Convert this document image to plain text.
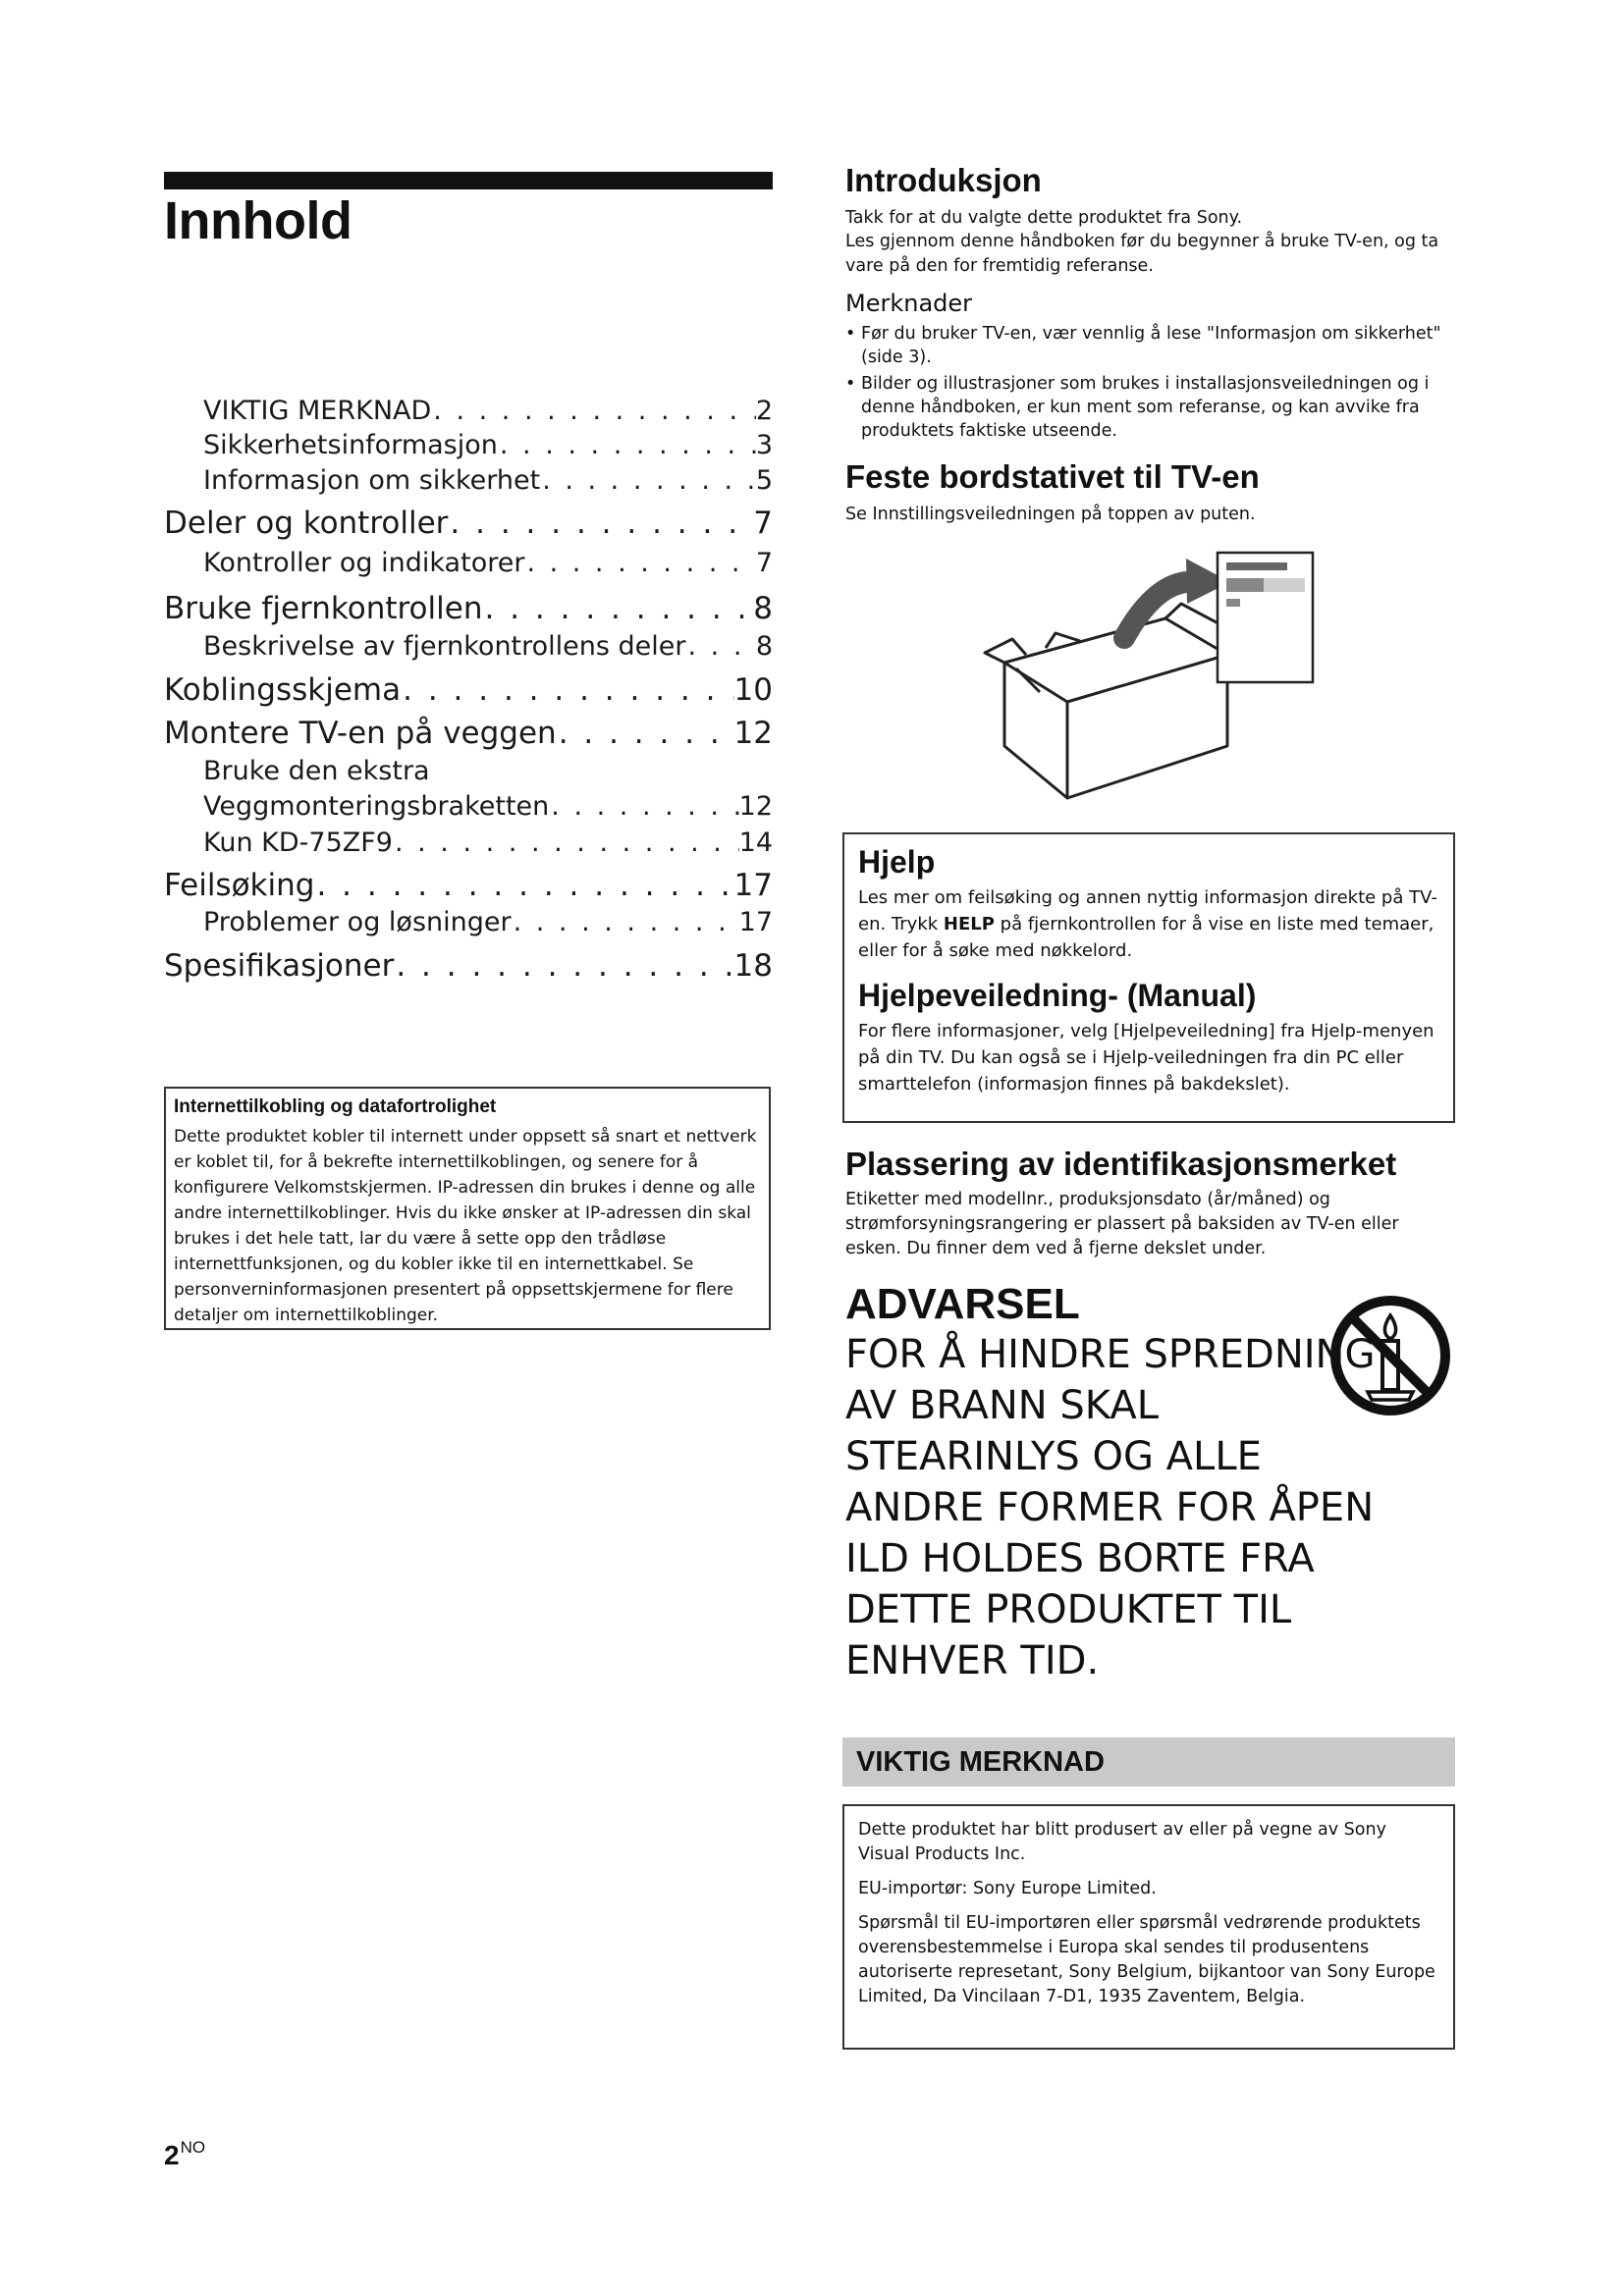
Innhold
VIKTIG MERKNAD . . .	2
Sikkerhetsinformasjon . . .	3
Informasjon om sikkerhet . . .	5
Deler og kontroller . . .	7
Kontroller og indikatorer . . .	7
Bruke fjernkontrollen . . .	8
Beskrivelse av fjernkontrollens deler . . .	8
Koblingsskjema . . .	10
Montere TV-en på veggen . . .	12
Bruke den ekstra
Veggmonteringsbraketten . . .	12
Kun KD-75ZF9 . . .	14
Feilsøking . . .	17
Problemer og løsninger . . .	17
Spesifikasjoner . . .	18
Internettilkobling og datafortrolighet

Dette produktet kobler til internett under oppsett så snart et nettverk er koblet til, for å bekrefte internettilkoblingen, og senere for å konfigurere Velkomstskjermen. IP-adressen din brukes i denne og alle andre internettilkoblinger. Hvis du ikke ønsker at IP-adressen din skal brukes i det hele tatt, lar du være å sette opp den trådløse internettfunksjonen, og du kobler ikke til en internettkabel. Se personverninformasjonen presentert på oppsettskjermene for flere detaljer om internettilkoblinger.

Introduksjon
Takk for at du valgte dette produktet fra Sony.
Les gjennom denne håndboken før du begynner å bruke TV-en, og ta vare på den for fremtidig referanse.
Merknader
• Før du bruker TV-en, vær vennlig å lese "Informasjon om sikkerhet" (side 3).
• Bilder og illustrasjoner som brukes i installasjonsveiledningen og i denne håndboken, er kun ment som referanse, og kan avvike fra produktets faktiske utseende.
Feste bordstativet til TV-en
Se Innstillingsveiledningen på toppen av puten.
Hjelp

Les mer om feilsøking og annen nyttig informasjon direkte på TV-en. Trykk HELP på fjernkontrollen for å vise en liste med temaer, eller for å søke med nøkkelord.

Hjelpeveiledning- (Manual)

For flere informasjoner, velg [Hjelpeveiledning] fra Hjelp-menyen på din TV. Du kan også se i Hjelp-veiledningen fra din PC eller smarttelefon (informasjon finnes på bakdekslet).

Plassering av identifikasjonsmerket
Etiketter med modellnr., produksjonsdato (år/måned) og strømforsyningsrangering er plassert på baksiden av TV-en eller esken. Du finner dem ved å fjerne dekslet under.
ADVARSEL
FOR Å HINDRE SPREDNING AV BRANN SKAL STEARINLYS OG ALLE ANDRE FORMER FOR ÅPEN ILD HOLDES BORTE FRA DETTE PRODUKTET TIL ENHVER TID.
VIKTIG MERKNAD

Dette produktet har blitt produsert av eller på vegne av Sony Visual Products Inc.

EU-importør: Sony Europe Limited.

Spørsmål til EU-importøren eller spørsmål vedrørende produktets overensbestemmelse i Europa skal sendes til produsentens autoriserte represetant, Sony Belgium, bijkantoor van Sony Europe Limited, Da Vincilaan 7-D1, 1935 Zaventem, Belgia.

$2^{NO}$
